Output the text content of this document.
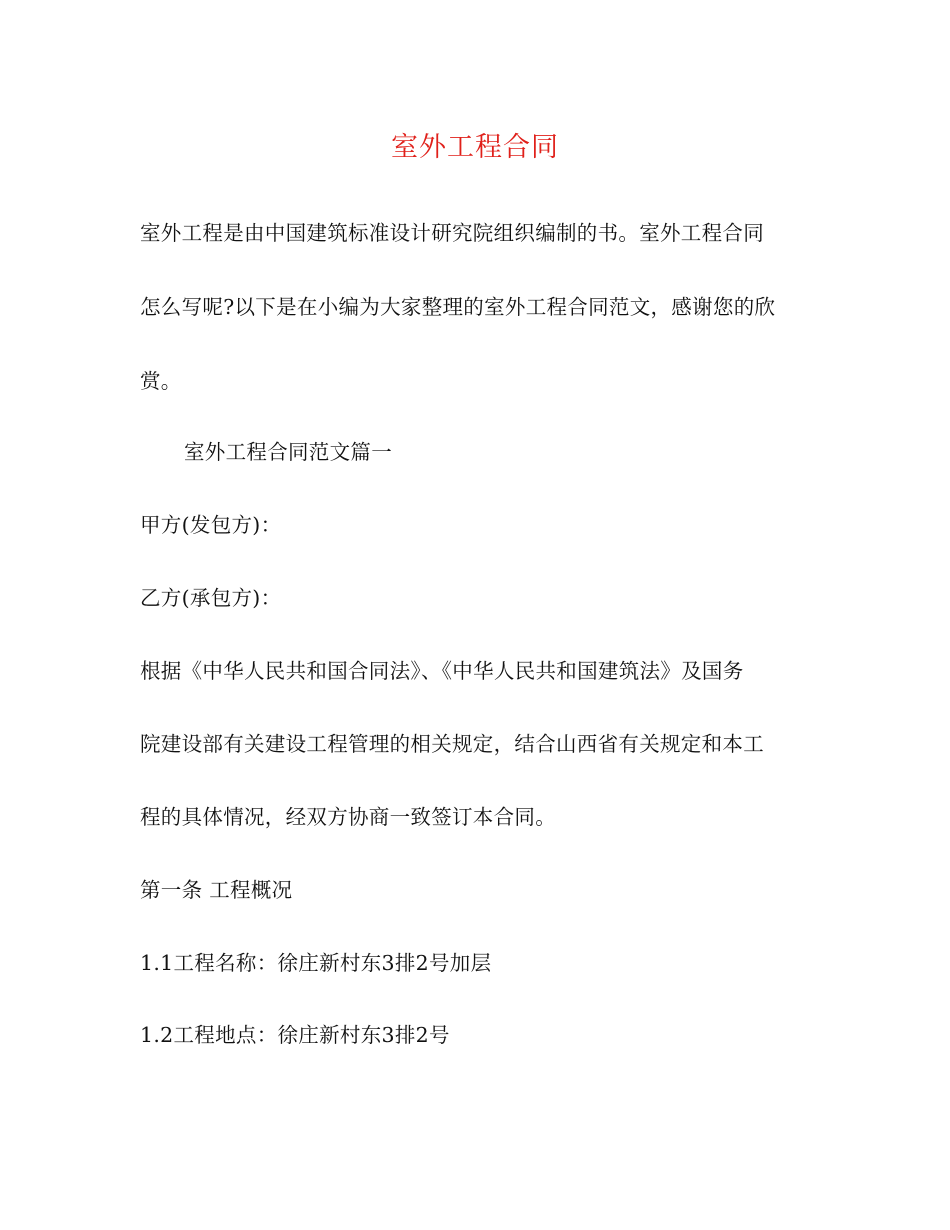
室外工程合同
室外工程是由中国建筑标准设计研究院组织编制的书。室外工程合同
怎么写呢?以下是在小编为大家整理的室外工程合同范文，感谢您的欣
赏。
室外工程合同范文篇一
甲方(发包方)：
乙方(承包方)：
根据《中华人民共和国合同法》、《中华人民共和国建筑法》及国务
院建设部有关建设工程管理的相关规定，结合山西省有关规定和本工
程的具体情况，经双方协商一致签订本合同。
第一条 工程概况
1.1工程名称：徐庄新村东3排2号加层
1.2工程地点：徐庄新村东3排2号
